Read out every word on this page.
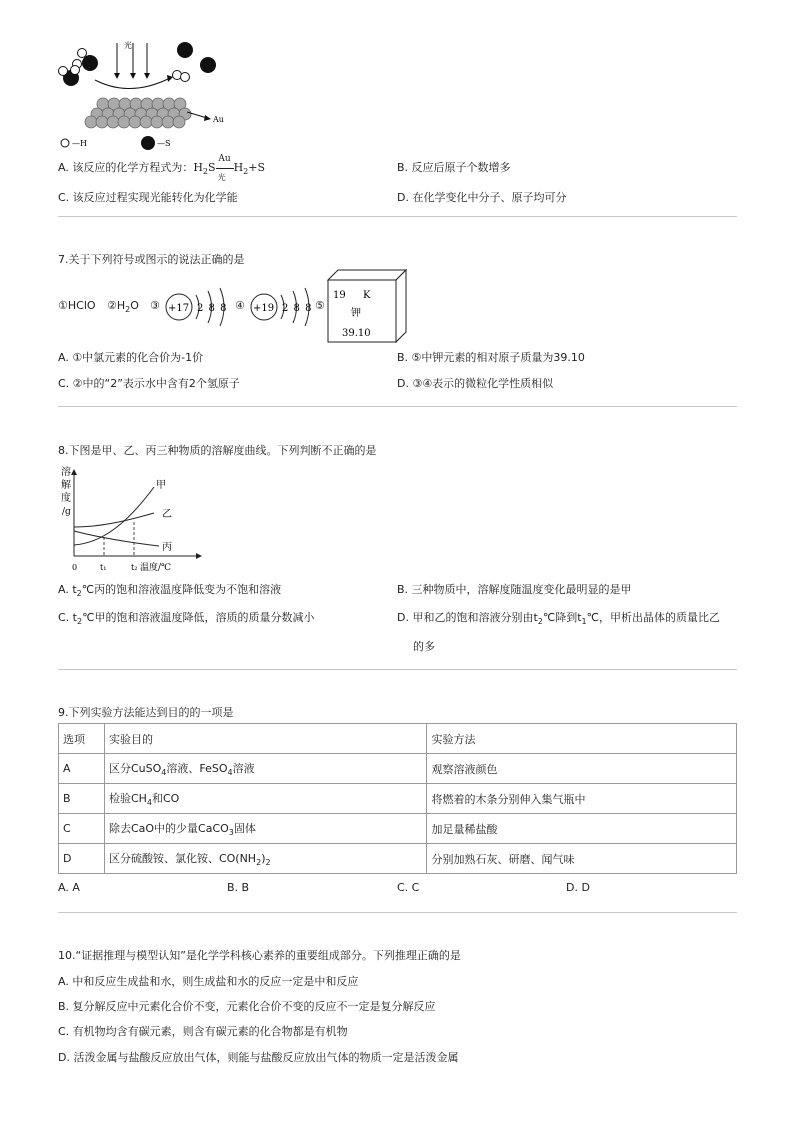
光
Au
—H	—S
A. 该反应的化学方程式为：$H_2S$
Au
光
$H_2+S$	B. 反应后原子个数增多
C. 该反应过程实现光能转化为化学能	D. 在化学变化中分子、原子均可分
7.关于下列符号或图示的说法正确的是
①HClO $②H_2O$ ③ +17 2 8 8 ④ +19 2 8 8 ⑤
19 K
钾
39.10
A. ①中氯元素的化合价为-1价	B. ⑤中钾元素的相对原子质量为39.10
C. ②中的“2”表示水中含有2个氢原子	D. ③④表示的微粒化学性质相似
8.下图是甲、乙、丙三种物质的溶解度曲线。下列判断不正确的是
溶
解
度
/g
0	t₁	t₂ 温度/℃
甲
乙
丙
A. $t_2℃$丙的饱和溶液温度降低变为不饱和溶液	B. 三种物质中，溶解度随温度变化最明显的是甲
C. $t_2℃$甲的饱和溶液温度降低，溶质的质量分数减小	D. 甲和乙的饱和溶液分别由$t_2℃$降到$t_1℃$，甲析出晶体的质量比乙
的多
9.下列实验方法能达到目的的一项是
选项	实验目的	实验方法
A	区分CuSO$_4$溶液、FeSO$_4$溶液	观察溶液颜色
B	检验$CH_4$和CO	将燃着的木条分别伸入集气瓶中
C	除去CaO中的少量CaCO$_3$固体	加足量稀盐酸
D	区分硫酸铵、氯化铵、$CO(NH_2)_2$	分别加熟石灰、研磨、闻气味
A. A	B. B	C. C	D. D
10.“证据推理与模型认知”是化学学科核心素养的重要组成部分。下列推理正确的是
A. 中和反应生成盐和水，则生成盐和水的反应一定是中和反应
B. 复分解反应中元素化合价不变，元素化合价不变的反应不一定是复分解反应
C. 有机物均含有碳元素，则含有碳元素的化合物都是有机物
D. 活泼金属与盐酸反应放出气体，则能与盐酸反应放出气体的物质一定是活泼金属
